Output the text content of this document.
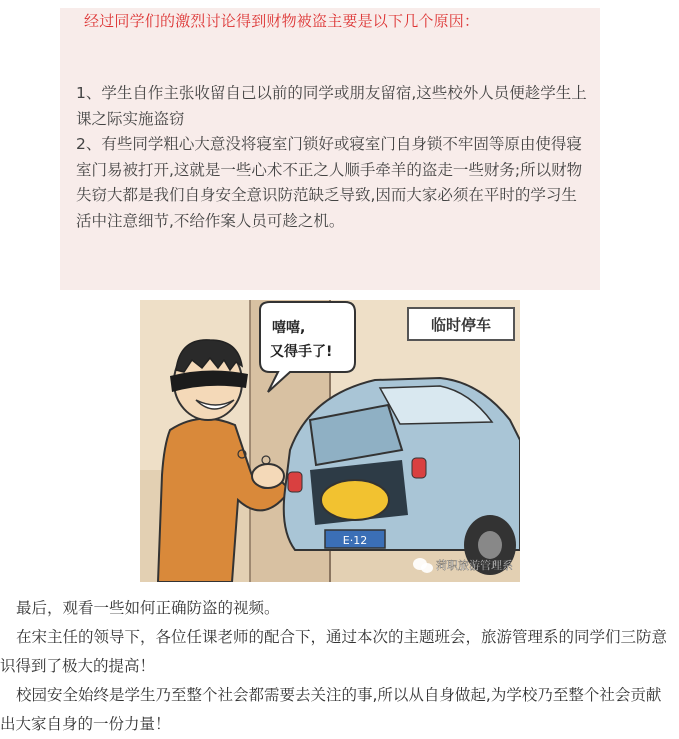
经过同学们的激烈讨论得到财物被盗主要是以下几个原因：

1、学生自作主张收留自己以前的同学或朋友留宿,这些校外人员便趁学生上课之际实施盗窃

2、有些同学粗心大意没将寝室门锁好或寝室门自身锁不牢固等原由使得寝室门易被打开,这就是一些心术不正之人顺手牵羊的盗走一些财务;所以财物失窃大都是我们自身安全意识防范缺乏导致,因而大家必须在平时的学习生活中注意细节,不给作案人员可趁之机。

临时停车
嘻嘻,
又得手了!
E·12
菏职旅游管理系

最后，观看一些如何正确防盗的视频。

在宋主任的领导下，各位任课老师的配合下，通过本次的主题班会，旅游管理系的同学们三防意识得到了极大的提高！

校园安全始终是学生乃至整个社会都需要去关注的事,所以从自身做起,为学校乃至整个社会贡献出大家自身的一份力量！
